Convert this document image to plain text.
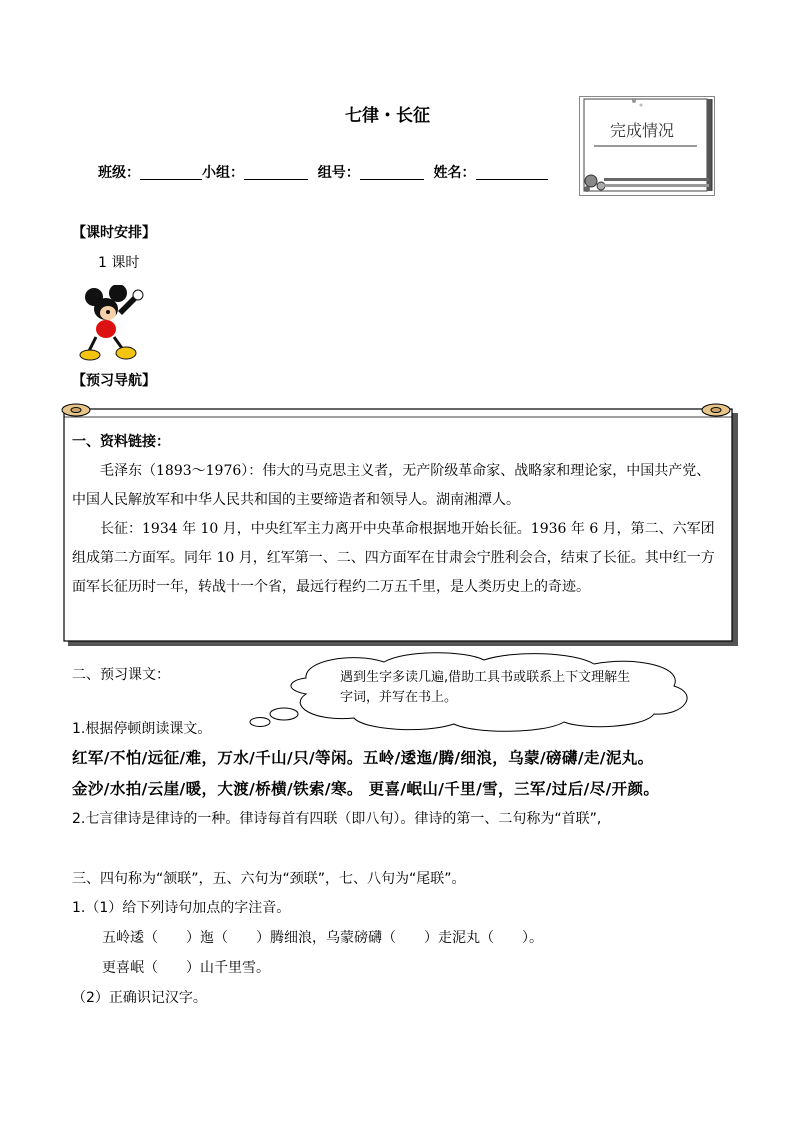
七律・长征
班级：	小组：	组号：	姓名：
完成情况
【课时安排】
1 课时
【预习导航】

一、资料链接：

毛泽东（1893～1976）：伟大的马克思主义者，无产阶级革命家、战略家和理论家，中国共产党、中国人民解放军和中华人民共和国的主要缔造者和领导人。湖南湘潭人。

长征：1934 年 10 月，中央红军主力离开中央革命根据地开始长征。1936 年 6 月，第二、六军团组成第二方面军。同年 10 月，红军第一、二、四方面军在甘肃会宁胜利会合，结束了长征。其中红一方面军长征历时一年，转战十一个省，最远行程约二万五千里，是人类历史上的奇迹。

二、预习课文：	遇到生字多读几遍,借助工具书或联系上下文理解生字词，并写在书上。
1.根据停顿朗读课文。
红军/不怕/远征/难，万水/千山/只/等闲。五岭/逶迤/腾/细浪，乌蒙/磅礴/走/泥丸。
金沙/水拍/云崖/暖，大渡/桥横/铁索/寒。 更喜/岷山/千里/雪，三军/过后/尽/开颜。
2.七言律诗是律诗的一种。律诗每首有四联（即八句）。律诗的第一、二句称为“首联”,
三、四句称为“颔联”，五、六句为“颈联”，七、八句为“尾联”。
1.（1）给下列诗句加点的字注音。
五岭逶（　　）迤（　　）腾细浪，乌蒙磅礴（　　）走泥丸（　　）。
更喜岷（　　）山千里雪。
（2）正确识记汉字。
